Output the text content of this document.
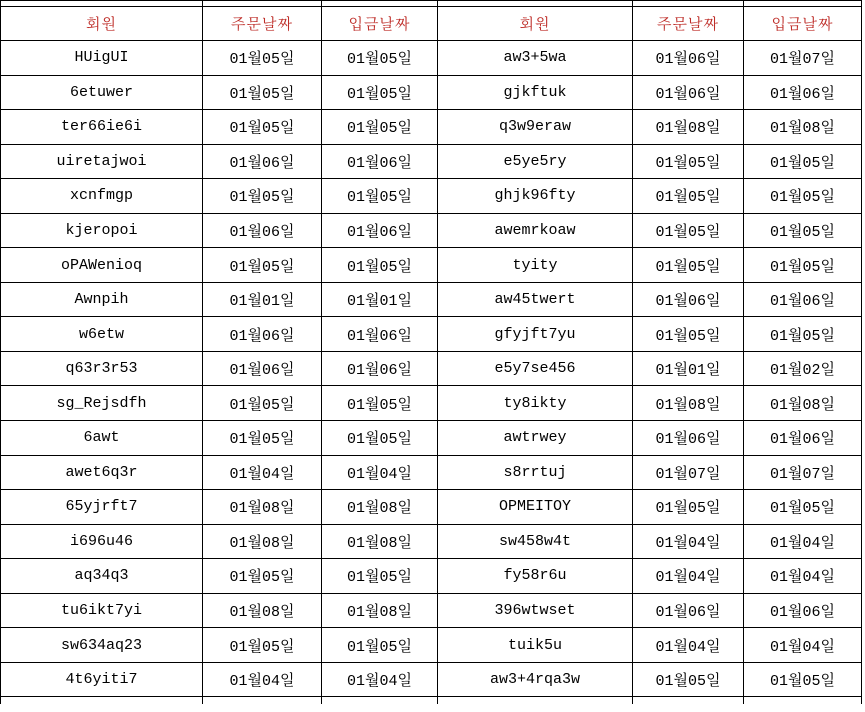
회원	주문날짜	입금날짜	회원	주문날짜	입금날짜
HUigUI	01월05일	01월05일	aw3+5wa	01월06일	01월07일
6etuwer	01월05일	01월05일	gjkftuk	01월06일	01월06일
ter66ie6i	01월05일	01월05일	q3w9eraw	01월08일	01월08일
uiretajwoi	01월06일	01월06일	e5ye5ry	01월05일	01월05일
xcnfmgp	01월05일	01월05일	ghjk96fty	01월05일	01월05일
kjeropoi	01월06일	01월06일	awemrkoaw	01월05일	01월05일
oPAWenioq	01월05일	01월05일	tyity	01월05일	01월05일
Awnpih	01월01일	01월01일	aw45twert	01월06일	01월06일
w6etw	01월06일	01월06일	gfyjft7yu	01월05일	01월05일
q63r3r53	01월06일	01월06일	e5y7se456	01월01일	01월02일
sg_Rejsdfh	01월05일	01월05일	ty8ikty	01월08일	01월08일
6awt	01월05일	01월05일	awtrwey	01월06일	01월06일
awet6q3r	01월04일	01월04일	s8rrtuj	01월07일	01월07일
65yjrft7	01월08일	01월08일	OPMEITOY	01월05일	01월05일
i696u46	01월08일	01월08일	sw458w4t	01월04일	01월04일
aq34q3	01월05일	01월05일	fy58r6u	01월04일	01월04일
tu6ikt7yi	01월08일	01월08일	396wtwset	01월06일	01월06일
sw634aq23	01월05일	01월05일	tuik5u	01월04일	01월04일
4t6yiti7	01월04일	01월04일	aw3+4rqa3w	01월05일	01월05일
